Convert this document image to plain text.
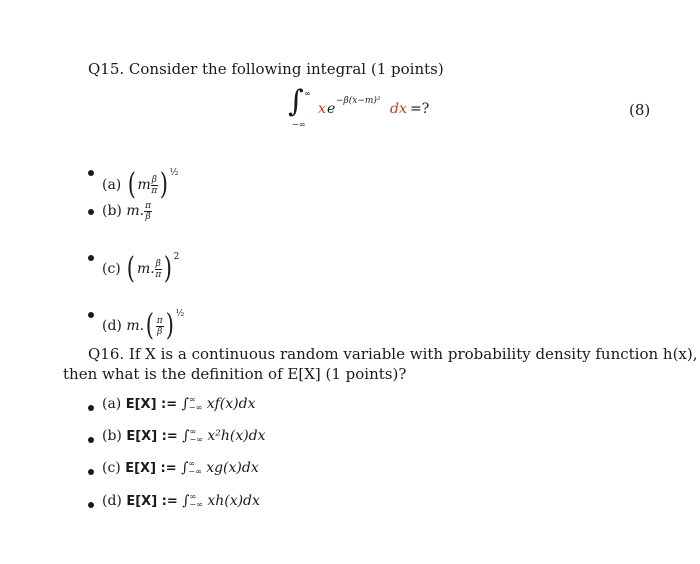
Q15. Consider the following integral (1 points)
∫ ∞
−∞
x e −β(x−m)² dx =?	(8)
(a) ( m $\frac{\beta}{\pi}$ ) $^{\frac{1}{2}}$
(b) m. $\frac{\pi}{\beta}$
(c) ( m. $\frac{\beta}{\pi}$ ) $^2$
(d) $m.( \frac{\pi}{\beta}$ ) $^{\frac{1}{2}}$
Q16. If X is a continuous random variable with probability density function h(x),
then what is the definition of E[X] (1 points)?
(a) E[X] := ∫ ∞
−∞ xf(x)dx
(b) E[X] := ∫ ∞
−∞ x²h(x)dx
(c) E[X] := ∫ ∞
−∞ xg(x)dx
(d) E[X] := ∫ ∞
−∞ xh(x)dx
